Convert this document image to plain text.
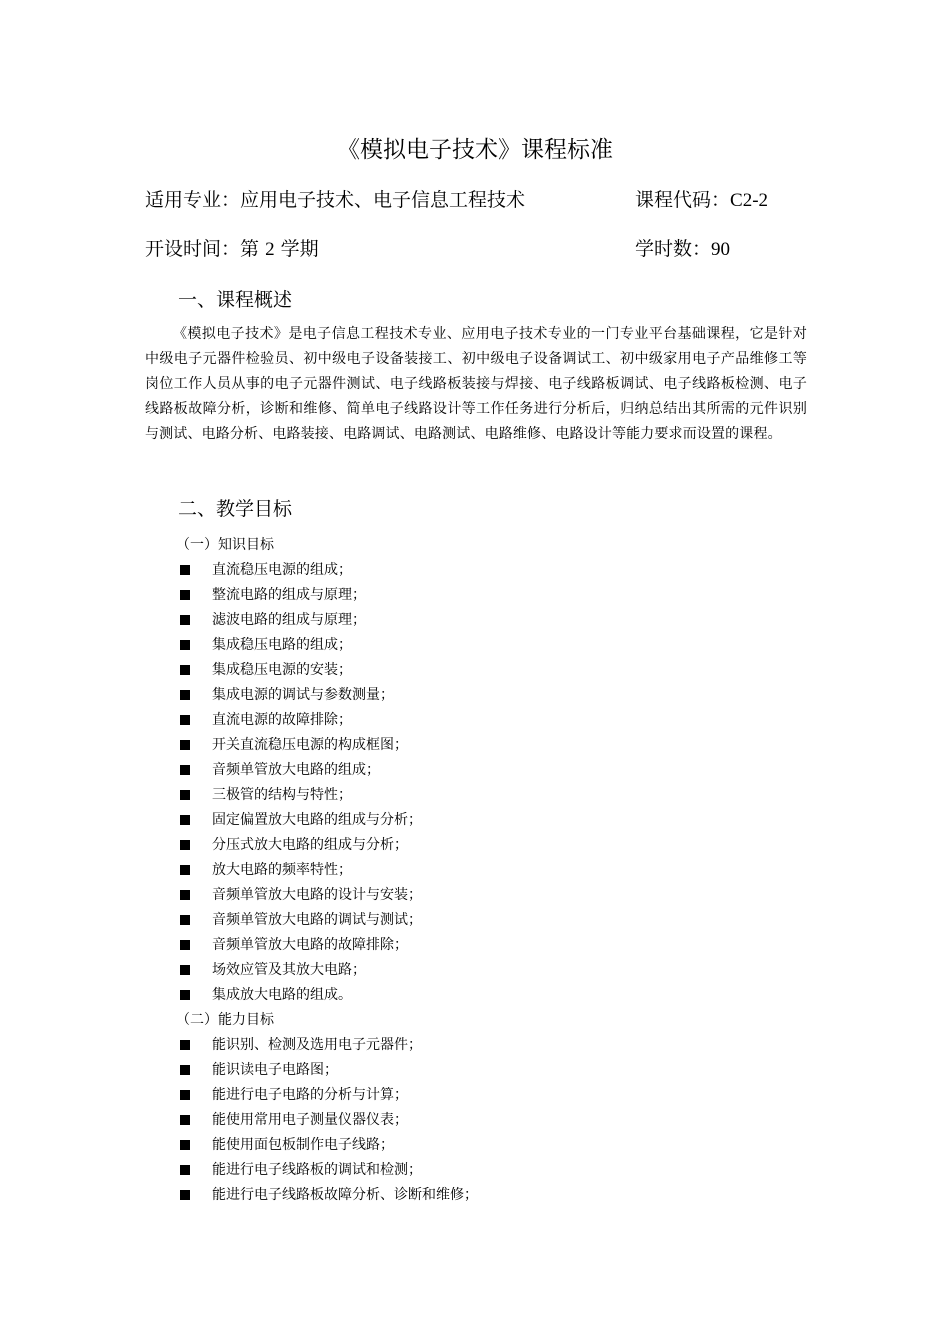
《模拟电子技术》课程标准
适用专业：应用电子技术、电子信息工程技术	课程代码：C2-2
开设时间：第 2 学期	学时数：90
一、课程概述

《模拟电子技术》是电子信息工程技术专业、应用电子技术专业的一门专业平台基础课程，它是针对中级电子元器件检验员、初中级电子设备装接工、初中级电子设备调试工、初中级家用电子产品维修工等岗位工作人员从事的电子元器件测试、电子线路板装接与焊接、电子线路板调试、电子线路板检测、电子线路板故障分析，诊断和维修、简单电子线路设计等工作任务进行分析后，归纳总结出其所需的元件识别与测试、电路分析、电路装接、电路调试、电路测试、电路维修、电路设计等能力要求而设置的课程。

二、教学目标
（一）知识目标
直流稳压电源的组成；
整流电路的组成与原理；
滤波电路的组成与原理；
集成稳压电路的组成；
集成稳压电源的安装；
集成电源的调试与参数测量；
直流电源的故障排除；
开关直流稳压电源的构成框图；
音频单管放大电路的组成；
三极管的结构与特性；
固定偏置放大电路的组成与分析；
分压式放大电路的组成与分析；
放大电路的频率特性；
音频单管放大电路的设计与安装；
音频单管放大电路的调试与测试；
音频单管放大电路的故障排除；
场效应管及其放大电路；
集成放大电路的组成。
（二）能力目标
能识别、检测及选用电子元器件；
能识读电子电路图；
能进行电子电路的分析与计算；
能使用常用电子测量仪器仪表；
能使用面包板制作电子线路；
能进行电子线路板的调试和检测；
能进行电子线路板故障分析、诊断和维修；
